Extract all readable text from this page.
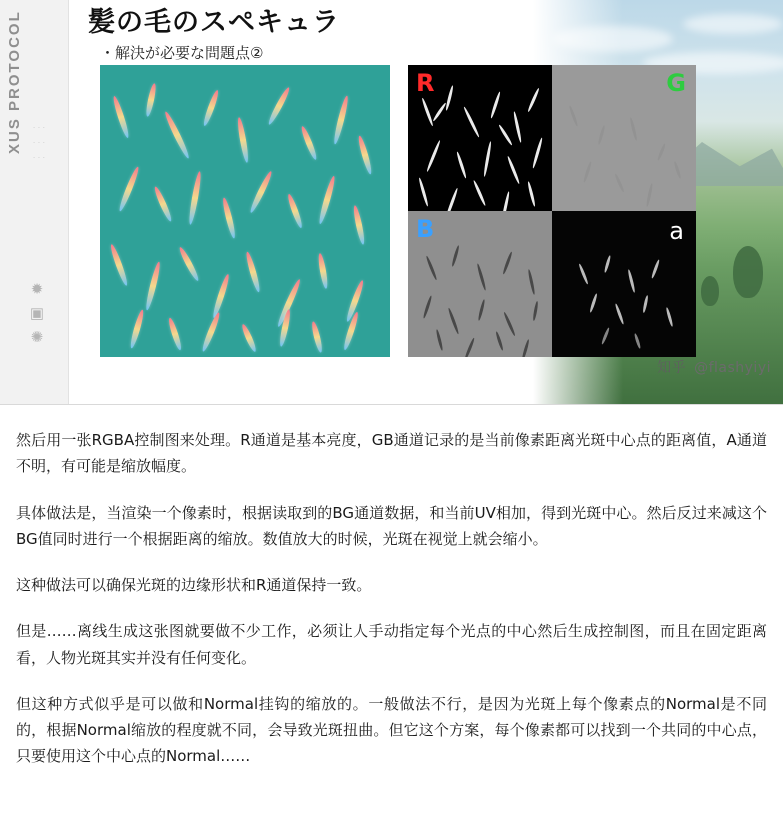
XUS PROTOCOL	· · ·
· · ·
· · ·
✹
▣
✺
髪の毛のスペキュラ
・解決が必要な問題点②
R	G
B	a
知乎 @flashyiyi

然后用一张RGBA控制图来处理。R通道是基本亮度，GB通道记录的是当前像素距离光斑中心点的距离值，A通道不明，有可能是缩放幅度。

具体做法是，当渲染一个像素时，根据读取到的BG通道数据，和当前UV相加，得到光斑中心。然后反过来减这个BG值同时进行一个根据距离的缩放。数值放大的时候，光斑在视觉上就会缩小。

这种做法可以确保光斑的边缘形状和R通道保持一致。

但是……离线生成这张图就要做不少工作，必须让人手动指定每个光点的中心然后生成控制图，而且在固定距离看，人物光斑其实并没有任何变化。

但这种方式似乎是可以做和Normal挂钩的缩放的。一般做法不行，是因为光斑上每个像素点的Normal是不同的，根据Normal缩放的程度就不同，会导致光斑扭曲。但它这个方案，每个像素都可以找到一个共同的中心点，只要使用这个中心点的Normal……
